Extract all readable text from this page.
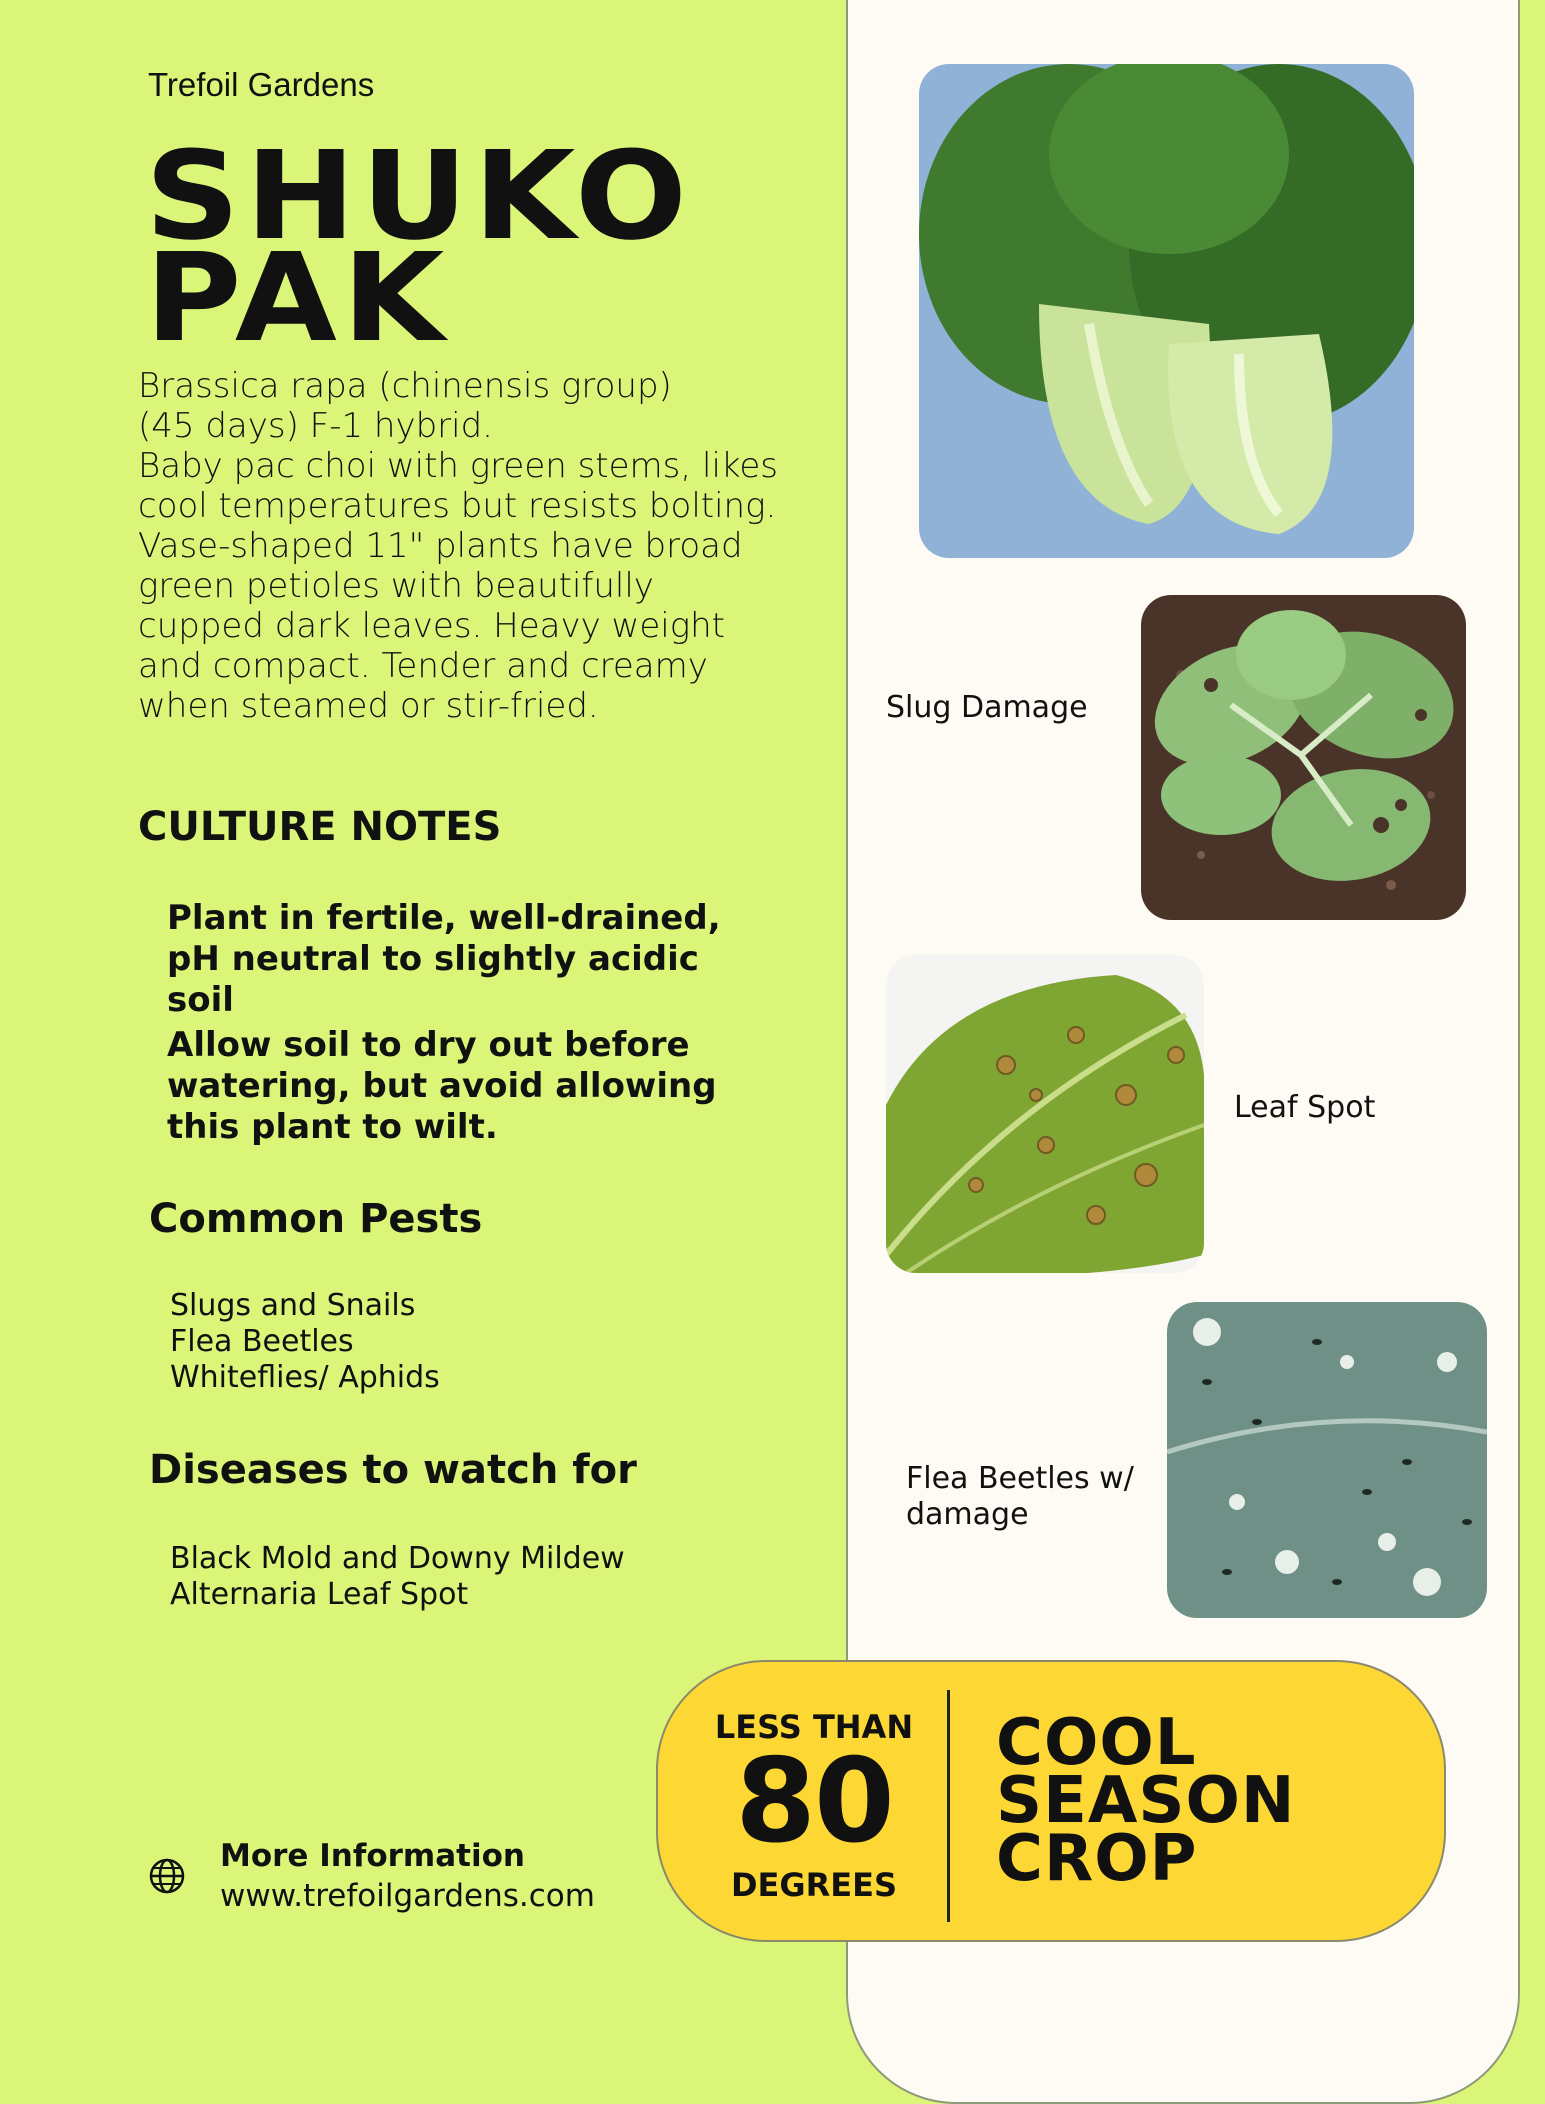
Trefoil Gardens
SHUKO
PAK

Brassica rapa (chinensis group)

(45 days) F-1 hybrid.

Baby pac choi with green stems, likes cool temperatures but resists bolting. Vase-shaped 11" plants have broad green petioles with beautifully cupped dark leaves. Heavy weight and compact. Tender and creamy when steamed or stir-fried.

CULTURE NOTES
Plant in fertile, well-drained, pH neutral to slightly acidic soil
Allow soil to dry out before watering, but avoid allowing this plant to wilt.
Common Pests
Slugs and Snails
Flea Beetles
Whiteflies/ Aphids
Diseases to watch for
Black Mold and Downy Mildew
Alternaria Leaf Spot
Slug Damage
Leaf Spot
Flea Beetles w/ damage
LESS THAN
80
DEGREES
COOL
SEASON
CROP
More Information
www.trefoilgardens.com
